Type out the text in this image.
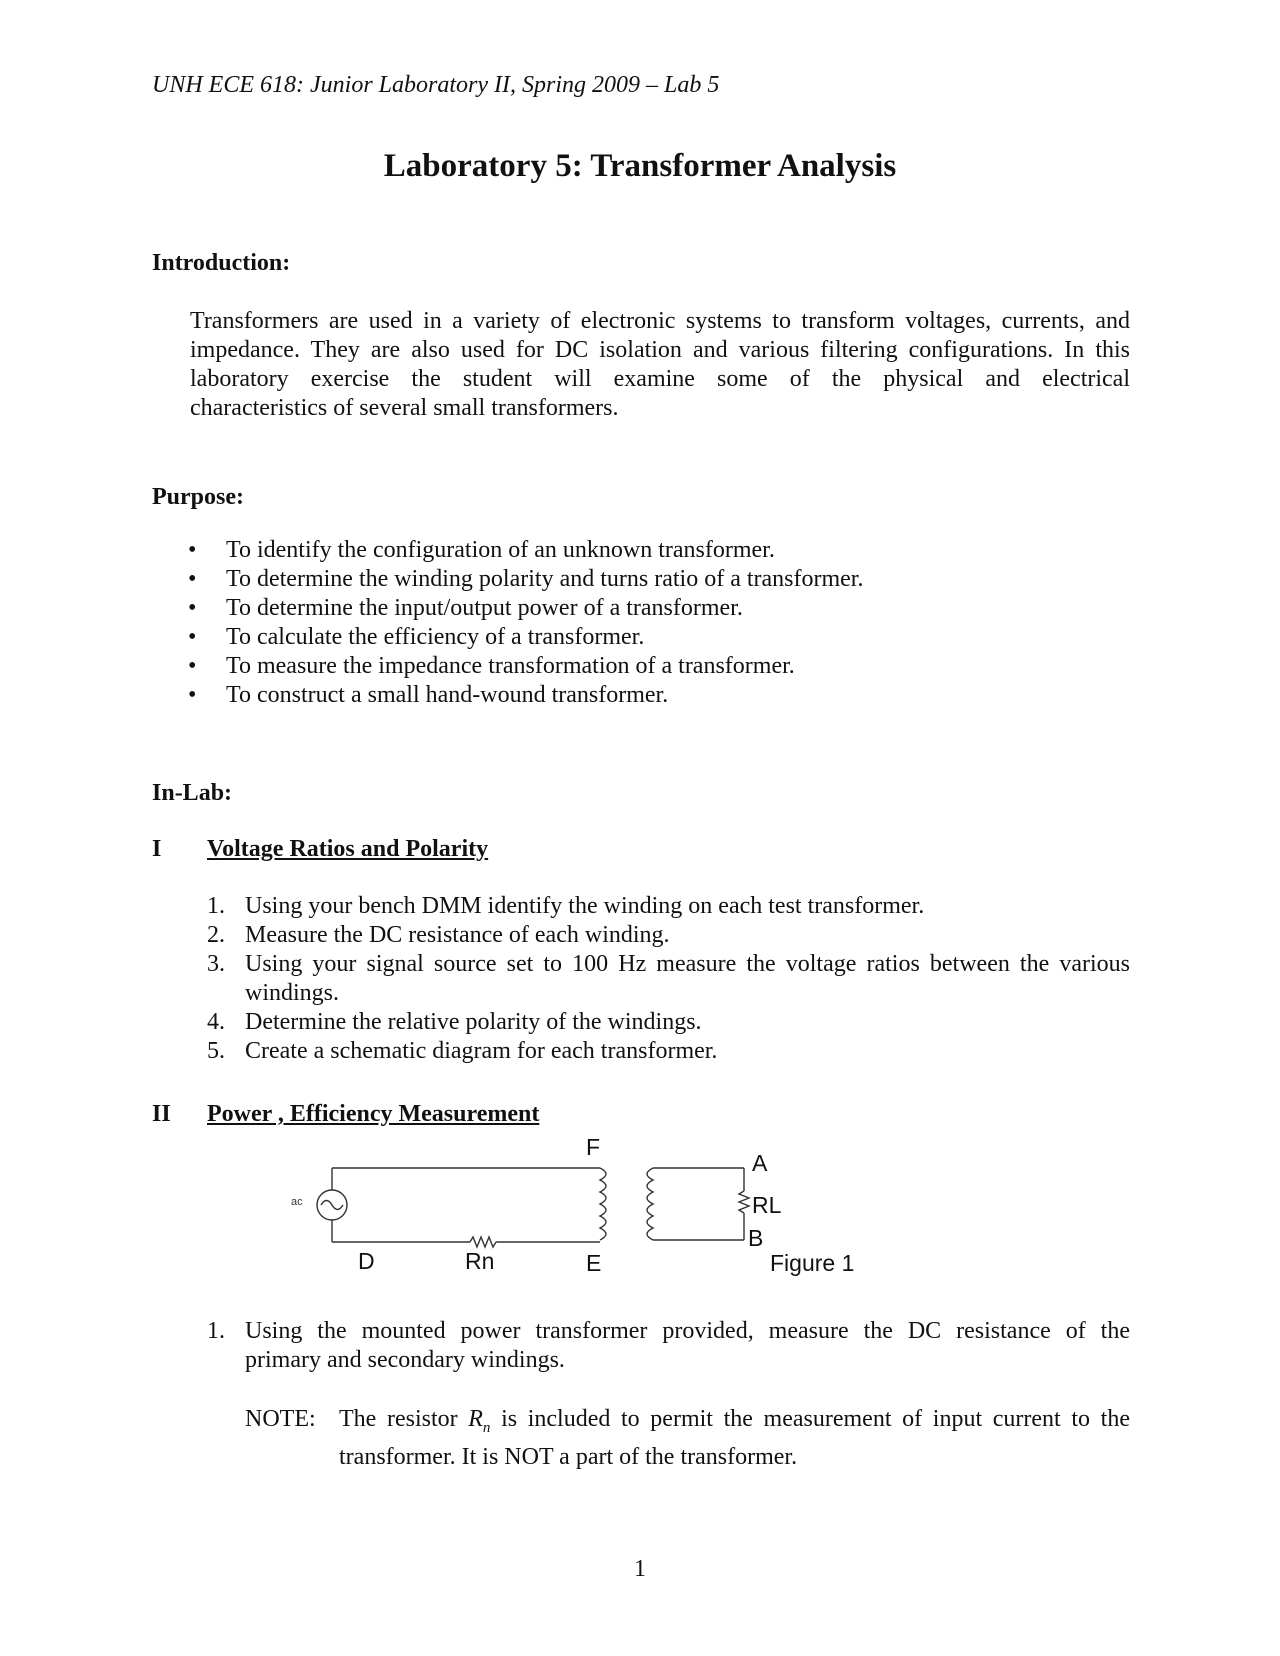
UNH ECE 618: Junior Laboratory II, Spring 2009 – Lab 5
Laboratory 5: Transformer Analysis
Introduction:
Transformers are used in a variety of electronic systems to transform voltages, currents, and
impedance. They are also used for DC isolation and various filtering configurations. In this
laboratory exercise the student will examine some of the physical and electrical
characteristics of several small transformers.
Purpose:
• To identify the configuration of an unknown transformer.
• To determine the winding polarity and turns ratio of a transformer.
• To determine the input/output power of a transformer.
• To calculate the efficiency of a transformer.
• To measure the impedance transformation of a transformer.
• To construct a small hand-wound transformer.
In-Lab:
I Voltage Ratios and Polarity
1. Using your bench DMM identify the winding on each test transformer.
2. Measure the DC resistance of each winding.
3. Using your signal source set to 100 Hz measure the voltage ratios between the various
windings.
4. Determine the relative polarity of the windings.
5. Create a schematic diagram for each transformer.
II Power , Efficiency Measurement
ac
F
A
RL
B
D	Rn	E	Figure 1
1. Using the mounted power transformer provided, measure the DC resistance of the
primary and secondary windings.
NOTE: The resistor $R_n$ is included to permit the measurement of input current to the
transformer. It is NOT a part of the transformer.
1
